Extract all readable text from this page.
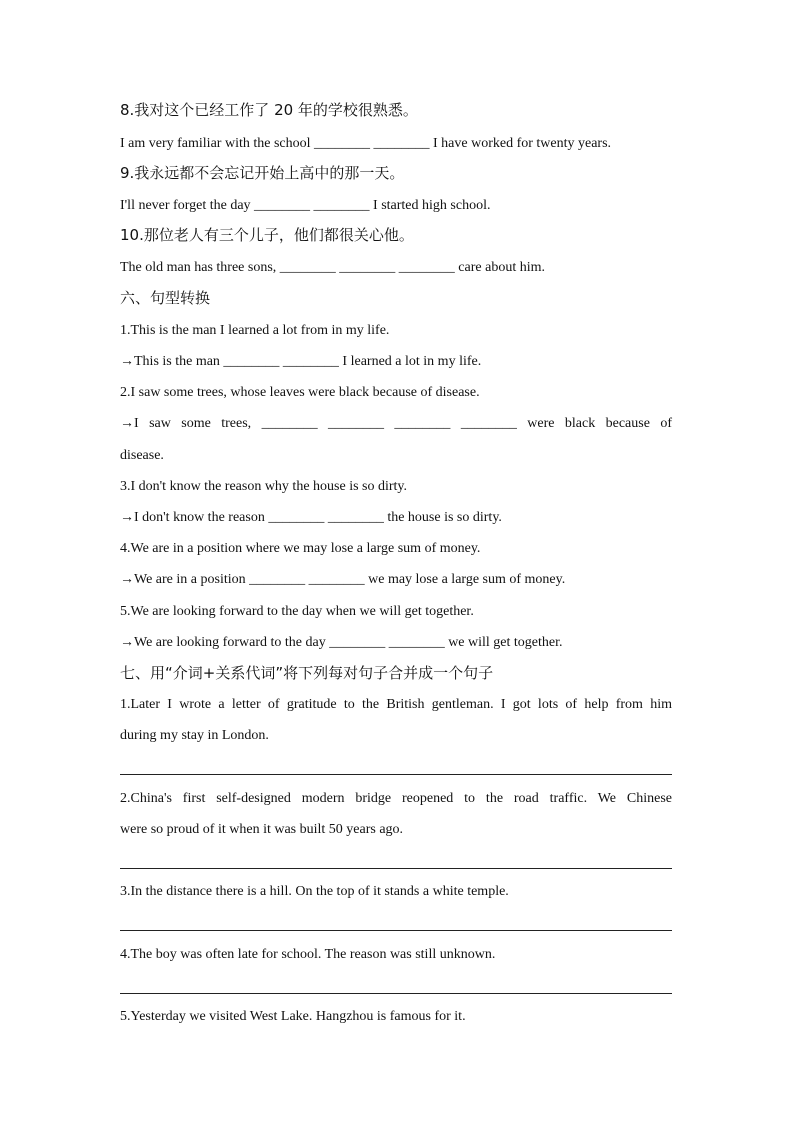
8.我对这个已经工作了 20 年的学校很熟悉。
I am very familiar with the school ________ ________ I have worked for twenty years.
9.我永远都不会忘记开始上高中的那一天。
I'll never forget the day ________ ________ I started high school.
10.那位老人有三个儿子，他们都很关心他。
The old man has three sons, ________ ________ ________ care about him.
六、句型转换
1.This is the man I learned a lot from in my life.
→This is the man ________ ________ I learned a lot in my life.
2.I saw some trees, whose leaves were black because of disease.
→I saw some trees, ________ ________ ________ ________ were black because of
disease.
3.I don't know the reason why the house is so dirty.
→I don't know the reason ________ ________ the house is so dirty.
4.We are in a position where we may lose a large sum of money.
→We are in a position ________ ________ we may lose a large sum of money.
5.We are looking forward to the day when we will get together.
→We are looking forward to the day ________ ________ we will get together.
七、用“介词+关系代词”将下列每对句子合并成一个句子
1.Later I wrote a letter of gratitude to the British gentleman. I got lots of help from him
during my stay in London.
2.China's first self-designed modern bridge reopened to the road traffic. We Chinese
were so proud of it when it was built 50 years ago.
3.In the distance there is a hill. On the top of it stands a white temple.
4.The boy was often late for school. The reason was still unknown.
5.Yesterday we visited West Lake. Hangzhou is famous for it.
